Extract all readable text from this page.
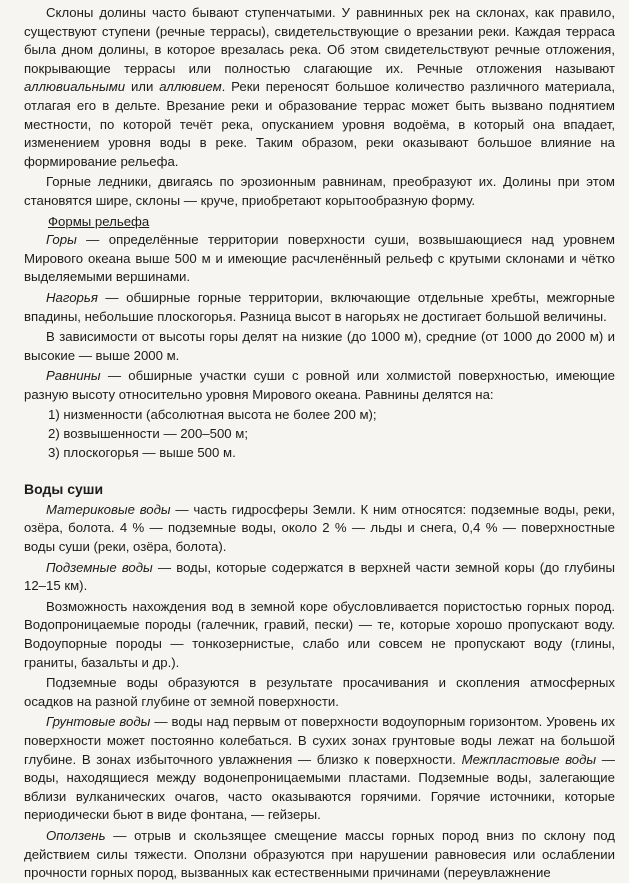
Склоны долины часто бывают ступенчатыми. У равнинных рек на склонах, как правило, существуют ступени (речные террасы), свидетельствующие о врезании реки. Каждая терраса была дном долины, в которое врезалась река. Об этом свидетельствуют речные отложения, покрывающие террасы или полностью слагающие их. Речные отложения называют аллювиальными или аллювием. Реки переносят большое количество различного материала, отлагая его в дельте. Врезание реки и образование террас может быть вызвано поднятием местности, по которой течёт река, опусканием уровня водоёма, в который она впадает, изменением уровня воды в реке. Таким образом, реки оказывают большое влияние на формирование рельефа.

Горные ледники, двигаясь по эрозионным равнинам, преобразуют их. Долины при этом становятся шире, склоны — круче, приобретают корытообразную форму.

Формы рельефа

Горы — определённые территории поверхности суши, возвышающиеся над уровнем Мирового океана выше 500 м и имеющие расчленённый рельеф с крутыми склонами и чётко выделяемыми вершинами.

Нагорья — обширные горные территории, включающие отдельные хребты, межгорные впадины, небольшие плоскогорья. Разница высот в нагорьях не достигает большой величины.

В зависимости от высоты горы делят на низкие (до 1000 м), средние (от 1000 до 2000 м) и высокие — выше 2000 м.

Равнины — обширные участки суши с ровной или холмистой поверхностью, имеющие разную высоту относительно уровня Мирового океана. Равнины делятся на:

1) низменности (абсолютная высота не более 200 м);
2) возвышенности — 200–500 м;
3) плоскогорья — выше 500 м.
Воды суши

Материковые воды — часть гидросферы Земли. К ним относятся: подземные воды, реки, озёра, болота. 4 % — подземные воды, около 2 % — льды и снега, 0,4 % — поверхностные воды суши (реки, озёра, болота).

Подземные воды — воды, которые содержатся в верхней части земной коры (до глубины 12–15 км).

Возможность нахождения вод в земной коре обусловливается пористостью горных пород. Водопроницаемые породы (галечник, гравий, пески) — те, которые хорошо пропускают воду. Водоупорные породы — тонкозернистые, слабо или совсем не пропускают воду (глины, граниты, базальты и др.).

Подземные воды образуются в результате просачивания и скопления атмосферных осадков на разной глубине от земной поверхности.

Грунтовые воды — воды над первым от поверхности водоупорным горизонтом. Уровень их поверхности может постоянно колебаться. В сухих зонах грунтовые воды лежат на большой глубине. В зонах избыточного увлажнения — близко к поверхности. Межпластовые воды — воды, находящиеся между водонепроницаемыми пластами. Подземные воды, залегающие вблизи вулканических очагов, часто оказываются горячими. Горячие источники, которые периодически бьют в виде фонтана, — гейзеры.

Оползень — отрыв и скользящее смещение массы горных пород вниз по склону под действием силы тяжести. Оползни образуются при нарушении равновесия или ослаблении прочности горных пород, вызванных как естественными причинами (переувлажнение
